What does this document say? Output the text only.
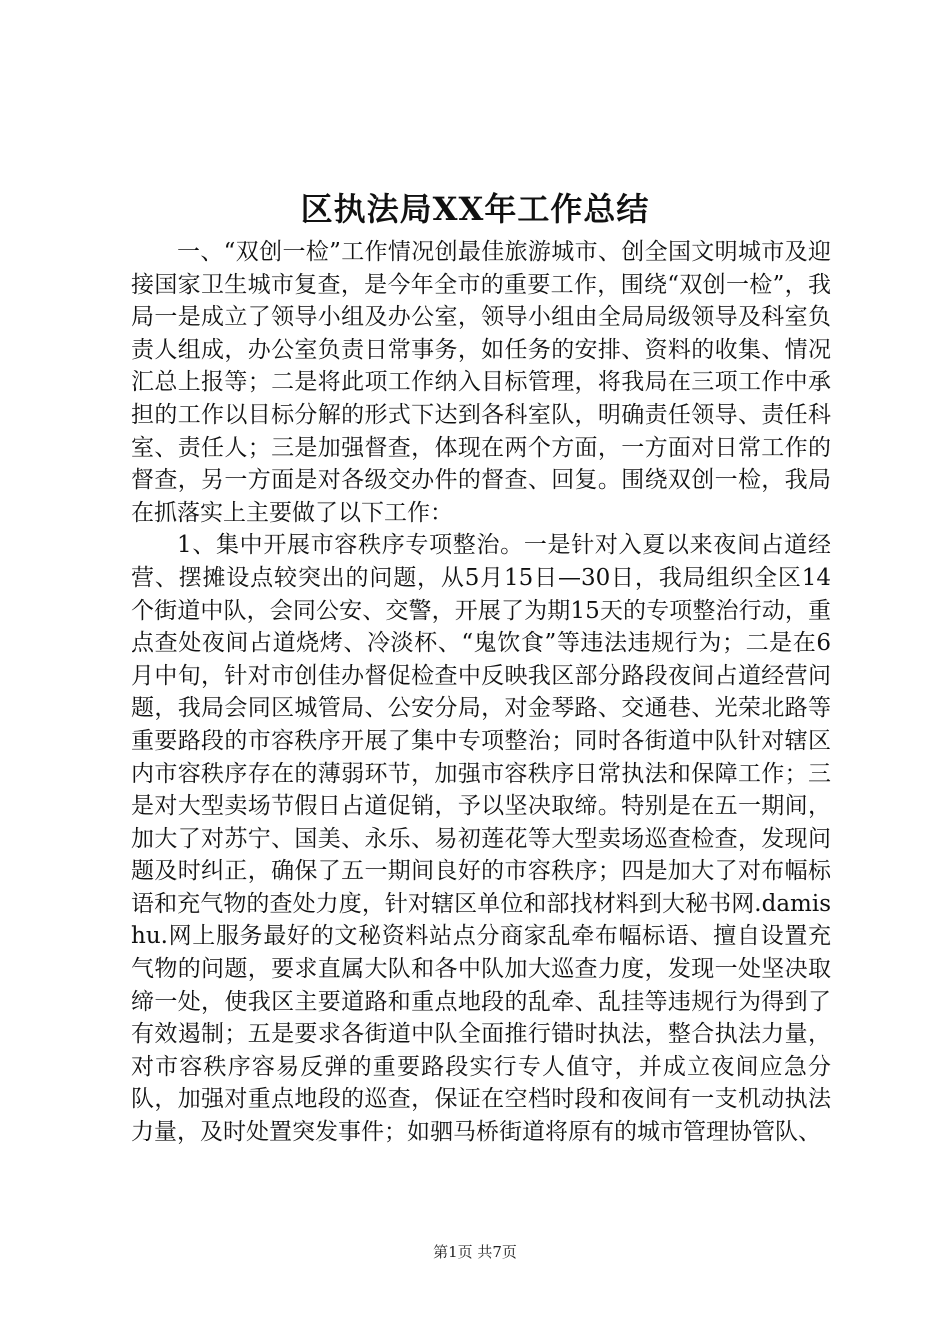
区执法局XX年工作总结

一、“双创一检”工作情况创最佳旅游城市、创全国文明城市及迎接国家卫生城市复查，是今年全市的重要工作，围绕“双创一检”，我局一是成立了领导小组及办公室，领导小组由全局局级领导及科室负责人组成，办公室负责日常事务，如任务的安排、资料的收集、情况汇总上报等；二是将此项工作纳入目标管理，将我局在三项工作中承担的工作以目标分解的形式下达到各科室队，明确责任领导、责任科室、责任人；三是加强督查，体现在两个方面，一方面对日常工作的督查，另一方面是对各级交办件的督查、回复。围绕双创一检，我局在抓落实上主要做了以下工作：

1、集中开展市容秩序专项整治。一是针对入夏以来夜间占道经营、摆摊设点较突出的问题，从5月15日—30日，我局组织全区14个街道中队，会同公安、交警，开展了为期15天的专项整治行动，重点查处夜间占道烧烤、冷淡杯、“鬼饮食”等违法违规行为；二是在6月中旬，针对市创佳办督促检查中反映我区部分路段夜间占道经营问题，我局会同区城管局、公安分局，对金琴路、交通巷、光荣北路等重要路段的市容秩序开展了集中专项整治；同时各街道中队针对辖区内市容秩序存在的薄弱环节，加强市容秩序日常执法和保障工作；三是对大型卖场节假日占道促销，予以坚决取缔。特别是在五一期间，加大了对苏宁、国美、永乐、易初莲花等大型卖场巡查检查，发现问题及时纠正，确保了五一期间良好的市容秩序；四是加大了对布幅标语和充气物的查处力度，针对辖区单位和部找材料到大秘书网.damishu.网上服务最好的文秘资料站点分商家乱牵布幅标语、擅自设置充气物的问题，要求直属大队和各中队加大巡查力度，发现一处坚决取缔一处，使我区主要道路和重点地段的乱牵、乱挂等违规行为得到了有效遏制；五是要求各街道中队全面推行错时执法，整合执法力量，对市容秩序容易反弹的重要路段实行专人值守，并成立夜间应急分队，加强对重点地段的巡查，保证在空档时段和夜间有一支机动执法力量，及时处置突发事件；如驷马桥街道将原有的城市管理协管队、

第1页 共7页
